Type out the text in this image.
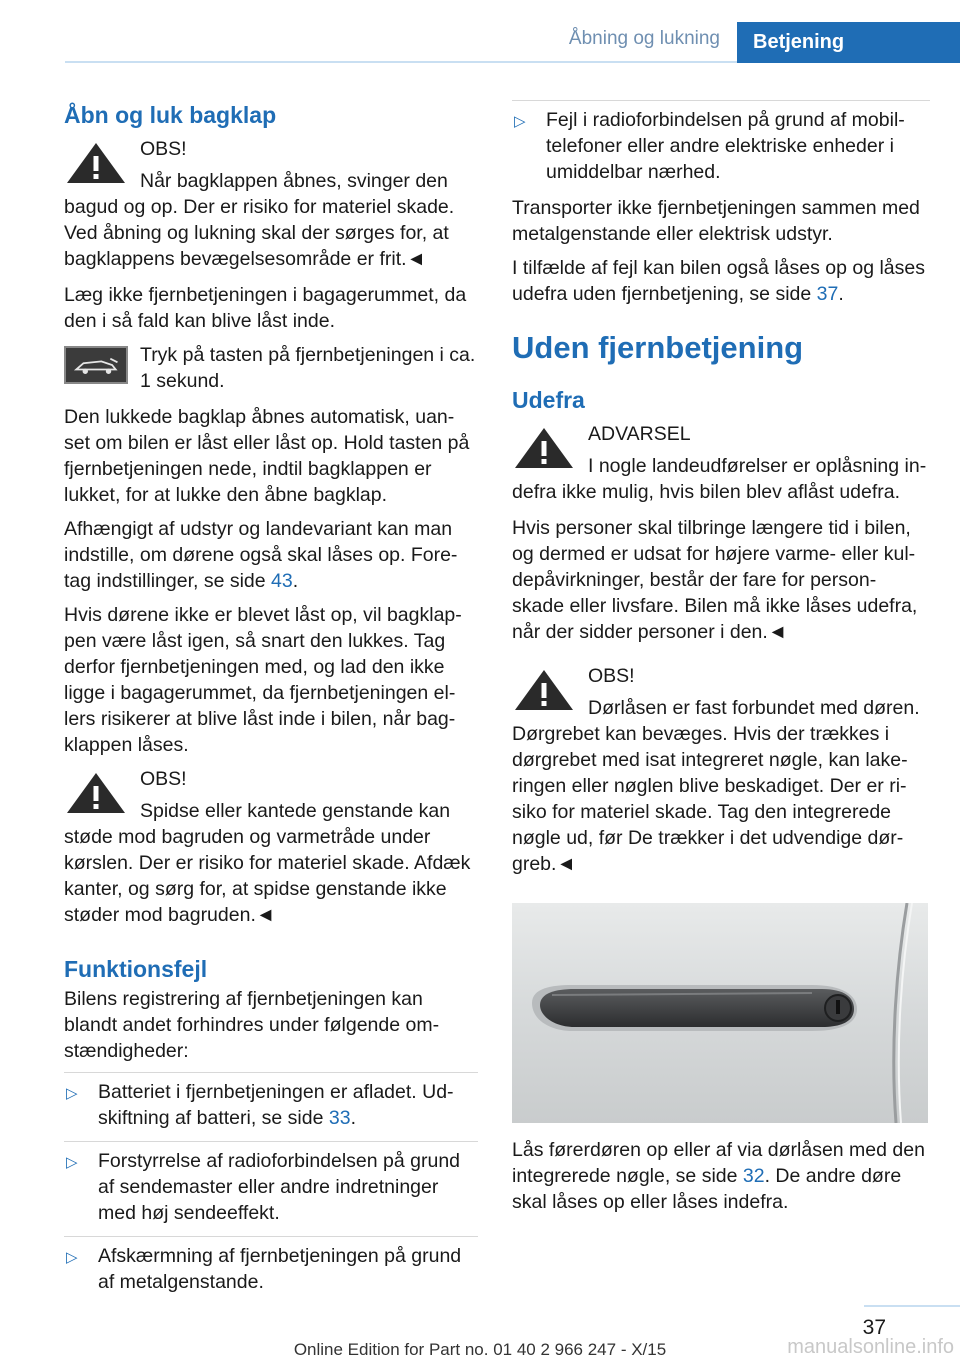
Åbning og lukning	Betjening
Åbn og luk bagklap
OBS!
Når bagklappen åbnes, svinger den
bagud og op. Der er risiko for materiel skade. Ved åbning og lukning skal der sørges for, at bagklappens bevægelsesområde er frit.◄

Læg ikke fjernbetjeningen i bagagerummet, da den i så fald kan blive låst inde.

Tryk på tasten på fjernbetjeningen i ca. 1 sekund.

Den lukkede bagklap åbnes automatisk, uan‐ set om bilen er låst eller låst op. Hold tasten på fjernbetjeningen nede, indtil bagklappen er lukket, for at lukke den åbne bagklap.

Afhængigt af udstyr og landevariant kan man indstille, om dørene også skal låses op. Fore‐ tag indstillinger, se side 43.

Hvis dørene ikke er blevet låst op, vil bagklap‐ pen være låst igen, så snart den lukkes. Tag derfor fjernbetjeningen med, og lad den ikke ligge i bagagerummet, da fjernbetjeningen el‐ lers risikerer at blive låst inde i bilen, når bag‐ klappen låses.

OBS!
Spidse eller kantede genstande kan
støde mod bagruden og varmetråde under kørslen. Der er risiko for materiel skade. Afdæk kanter, og sørg for, at spidse genstande ikke støder mod bagruden.◄
Funktionsfejl

Bilens registrering af fjernbetjeningen kan blandt andet forhindres under følgende om‐ stændigheder:

▷ Batteriet i fjernbetjeningen er afladet. Ud‐ skiftning af batteri, se side 33.
▷ Forstyrrelse af radioforbindelsen på grund af sendemaster eller andre indretninger med høj sendeeffekt.
▷ Afskærmning af fjernbetjeningen på grund af metalgenstande.
▷ Fejl i radioforbindelsen på grund af mobil‐ telefoner eller andre elektriske enheder i umiddelbar nærhed.

Transporter ikke fjernbetjeningen sammen med metalgenstande eller elektrisk udstyr.

I tilfælde af fejl kan bilen også låses op og låses udefra uden fjernbetjening, se side 37.

Uden fjernbetjening
Udefra
ADVARSEL
I nogle landeudførelser er oplåsning in‐
defra ikke mulig, hvis bilen blev aflåst udefra.

Hvis personer skal tilbringe længere tid i bilen, og dermed er udsat for højere varme- eller kul‐ depåvirkninger, består der fare for person‐ skade eller livsfare. Bilen må ikke låses udefra, når der sidder personer i den.◄

OBS!
Dørlåsen er fast forbundet med døren.
Dørgrebet kan bevæges. Hvis der trækkes i dørgrebet med isat integreret nøgle, kan lake‐ ringen eller nøglen blive beskadiget. Der er ri‐ siko for materiel skade. Tag den integrerede nøgle ud, før De trækker i det udvendige dør‐ greb.◄

Lås førerdøren op eller af via dørlåsen med den integrerede nøgle, se side 32. De andre døre skal låses op eller låses indefra.

37
Online Edition for Part no. 01 40 2 966 247 - X/15	manualsonline.info
